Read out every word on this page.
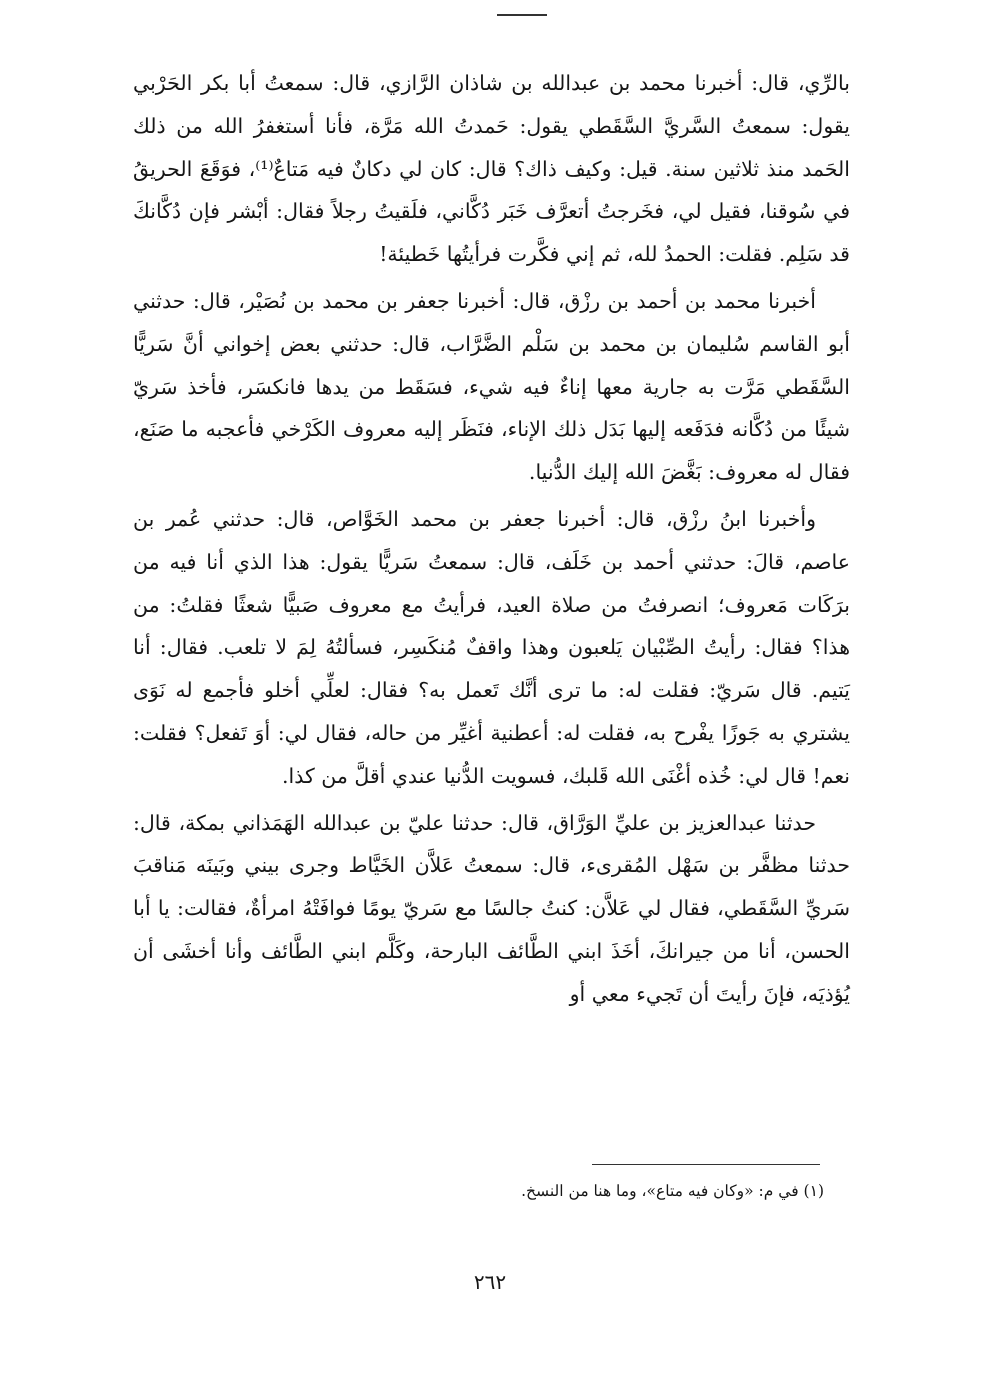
بالرِّي، قال: أخبرنا محمد بن عبدالله بن شاذان الرَّازي، قال: سمعتُ أبا بكر الحَرْبي يقول: سمعتُ السَّريَّ السَّقَطي يقول: حَمدتُ الله مَرَّة، فأنا أستغفرُ الله من ذلك الحَمد منذ ثلاثين سنة. قيل: وكيف ذاك؟ قال: كان لي دكانٌ فيه مَتاعٌ⁽¹⁾، فوَقَعَ الحريقُ في سُوقنا، فقيل لي، فخَرجتُ أتعرَّف خَبَر دُكَّاني، فلَقيتُ رجلاً فقال: أبْشر فإن دُكَّانكَ قد سَلِم. فقلت: الحمدُ لله، ثم إني فكَّرت فرأيتُها خَطيئة!

أخبرنا محمد بن أحمد بن رزْق، قال: أخبرنا جعفر بن محمد بن نُصَيْر، قال: حدثني أبو القاسم سُليمان بن محمد بن سَلْم الضَّرَّاب، قال: حدثني بعض إخواني أنَّ سَريًّا السَّقَطي مَرَّت به جارية معها إناءٌ فيه شيء، فسَقَط من يدها فانكسَر، فأخذ سَريّ شيئًا من دُكَّانه فدَفَعه إليها بَدَل ذلك الإناء، فنَظَر إليه معروف الكَرْخي فأعجبه ما صَنَع، فقال له معروف: بَغَّضَ الله إليك الدُّنيا.

وأخبرنا ابنُ رزْق، قال: أخبرنا جعفر بن محمد الخَوَّاص، قال: حدثني عُمر بن عاصم، قالَ: حدثني أحمد بن خَلَف، قال: سمعتُ سَريًّا يقول: هذا الذي أنا فيه من برَكَات مَعروف؛ انصرفتُ من صلاة العيد، فرأيتُ مع معروف صَبيًّا شعثًا فقلتُ: من هذا؟ فقال: رأيتُ الصِّبْيان يَلعبون وهذا واقفٌ مُنكَسِر، فسألتُهُ لِمَ لا تلعب. فقال: أنا يَتيم. قال سَريّ: فقلت له: ما ترى أنَّك تَعمل به؟ فقال: لعلِّي أخلو فأجمع له نَوَى يشتري به جَوزًا يفْرح به، فقلت له: أعطنية أغيِّر من حاله، فقال لي: أوَ تَفعل؟ فقلت: نعم! قال لي: خُذه أغْنَى الله قَلبك، فسويت الدُّنيا عندي أقلَّ من كذا.

حدثنا عبدالعزيز بن عليِّ الوَرَّاق، قال: حدثنا عليّ بن عبدالله الهَمَذاني بمكة، قال: حدثنا مظفَّر بن سَهْل المُقرىء، قال: سمعتُ عَلاَّن الخَيَّاط وجرى بيني وبَينَه مَناقبَ سَريِّ السَّقَطي، فقال لي عَلاَّن: كنتُ جالسًا مع سَريّ يومًا فوافَتْهُ امرأةٌ، فقالت: يا أبا الحسن، أنا من جيرانكَ، أخَذَ ابني الطَّائف البارحة، وكَلَّم ابني الطَّائف وأنا أخشَى أن يُؤذيَه، فإنَ رأيتَ أن تَجيء معي أو

(١) في م: «وكان فيه متاع»، وما هنا من النسخ.
٢٦٢
